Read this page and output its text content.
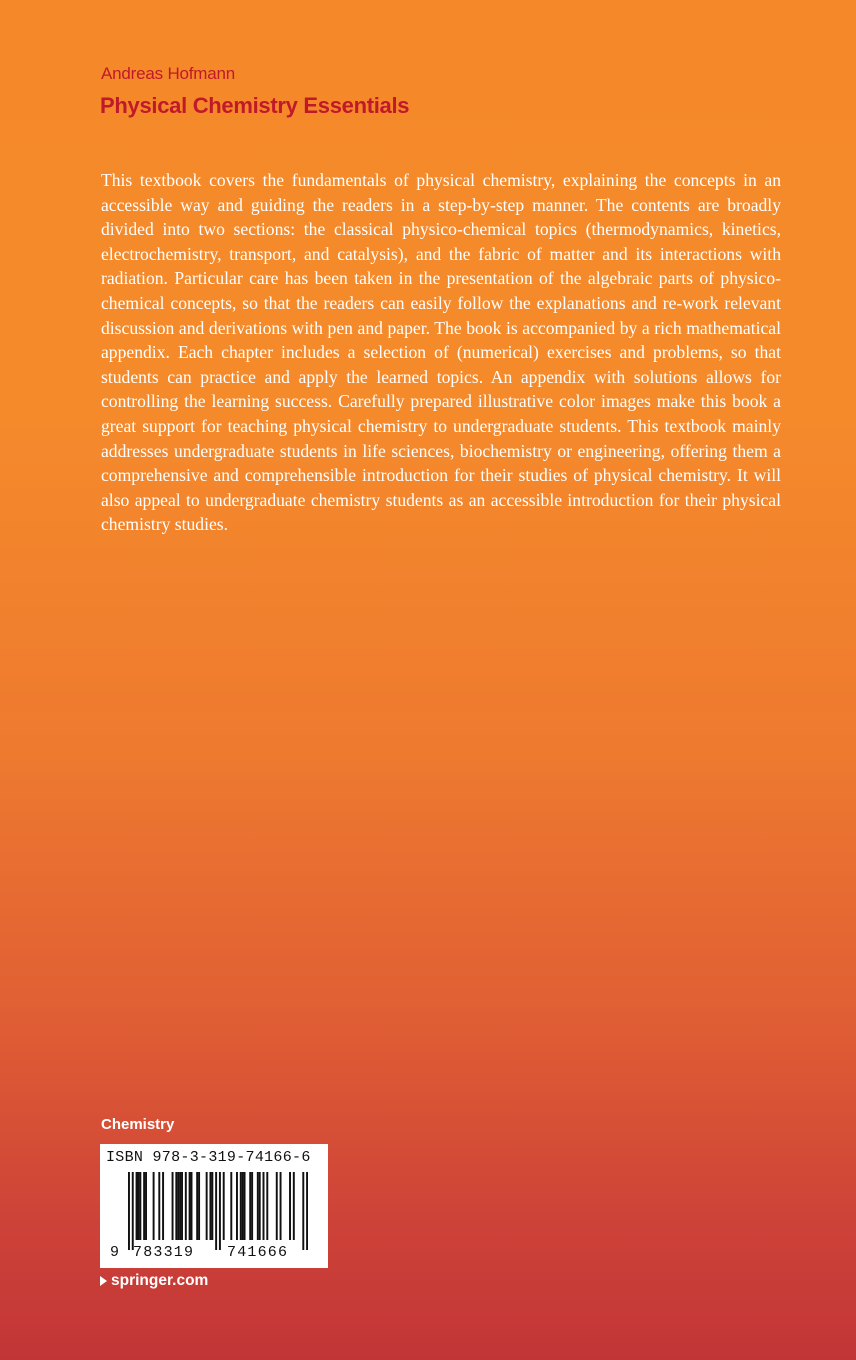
Andreas Hofmann
Physical Chemistry Essentials

This textbook covers the fundamentals of physical chemistry, explaining the concepts in an accessible way and guiding the readers in a step-by-step manner. The contents are broadly divided into two sections: the classical physico-chemical topics (thermodynamics, kinetics, electrochemistry, transport, and catalysis), and the fabric of matter and its interactions with radiation. Particular care has been taken in the presentation of the algebraic parts of physico-chemical concepts, so that the readers can easily follow the explanations and re-work relevant discussion and derivations with pen and paper. The book is accompanied by a rich mathematical appendix. Each chapter includes a selection of (numerical) exercises and problems, so that students can practice and apply the learned topics. An appendix with solutions allows for controlling the learning success. Carefully prepared illustrative color images make this book a great support for teaching physical chemistry to undergraduate students. This textbook mainly addresses undergraduate students in life sciences, biochemistry or engineering, offering them a comprehensive and comprehensible introduction for their studies of physical chemistry. It will also appeal to undergraduate chemistry students as an accessible introduction for their physical chemistry studies.

Chemistry
ISBN 978-3-319-74166-6
9 783319 741666
springer.com
